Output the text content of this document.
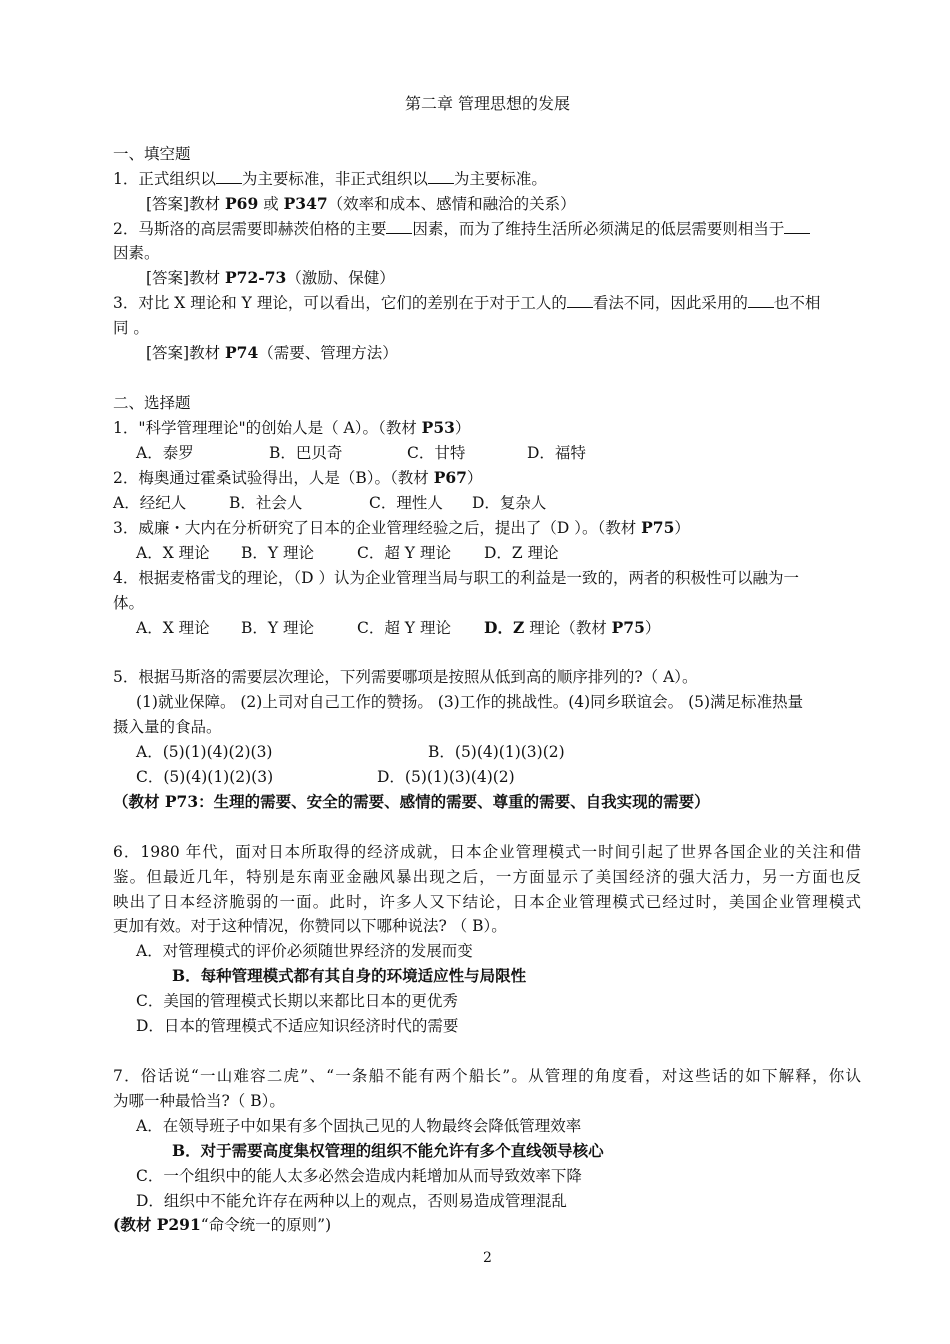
第二章 管理思想的发展
一、填空题
1．正式组织以 为主要标准，非正式组织以 为主要标准。
[答案]教材 P69 或 P347（效率和成本、感情和融洽的关系）
2．马斯洛的高层需要即赫茨伯格的主要 因素，而为了维持生活所必须满足的低层需要则相当于
因素。
[答案]教材 P72-73（激励、保健）
3．对比 X 理论和 Y 理论，可以看出，它们的差别在于对于工人的 看法不同，因此采用的 也不相
同 。
[答案]教材 P74（需要、管理方法）
二、选择题
1．"科学管理理论"的创始人是（ A）。（教材 P53）
A．泰罗	B．巴贝奇	C．甘特	D．福特
2．梅奥通过霍桑试验得出，人是（B）。（教材 P67）
A．经纪人	B．社会人	C．理性人 D．复杂人
3．威廉・大内在分析研究了日本的企业管理经验之后，提出了（D ）。（教材 P75）
A．X 理论 B．Y 理论	C．超 Y 理论 D．Z 理论
4．根据麦格雷戈的理论，（D ）认为企业管理当局与职工的利益是一致的，两者的积极性可以融为一
体。
A．X 理论 B．Y 理论	C．超 Y 理论 D．Z 理论（教材 P75）
5．根据马斯洛的需要层次理论，下列需要哪项是按照从低到高的顺序排列的?（ A）。
(1)就业保障。 (2)上司对自己工作的赞扬。 (3)工作的挑战性。(4)同乡联谊会。 (5)满足标准热量
摄入量的食品。
A．(5)(1)(4)(2)(3)	B．(5)(4)(1)(3)(2)
C．(5)(4)(1)(2)(3)	D．(5)(1)(3)(4)(2)
（教材 P73：生理的需要、安全的需要、感情的需要、尊重的需要、自我实现的需要）
6．1980 年代，面对日本所取得的经济成就，日本企业管理模式一时间引起了世界各国企业的关注和借
鉴。但最近几年，特别是东南亚金融风暴出现之后，一方面显示了美国经济的强大活力，另一方面也反
映出了日本经济脆弱的一面。此时，许多人又下结论，日本企业管理模式已经过时，美国企业管理模式
更加有效。对于这种情况，你赞同以下哪种说法? （ B）。
A．对管理模式的评价必须随世界经济的发展而变
B．每种管理模式都有其自身的环境适应性与局限性
C．美国的管理模式长期以来都比日本的更优秀
D．日本的管理模式不适应知识经济时代的需要
7．俗话说“一山难容二虎”、“一条船不能有两个船长”。从管理的角度看，对这些话的如下解释，你认
为哪一种最恰当?（ B）。
A．在领导班子中如果有多个固执己见的人物最终会降低管理效率
B．对于需要高度集权管理的组织不能允许有多个直线领导核心
C．一个组织中的能人太多必然会造成内耗增加从而导致效率下降
D．组织中不能允许存在两种以上的观点，否则易造成管理混乱
(教材 P291“命令统一的原则”)
2
